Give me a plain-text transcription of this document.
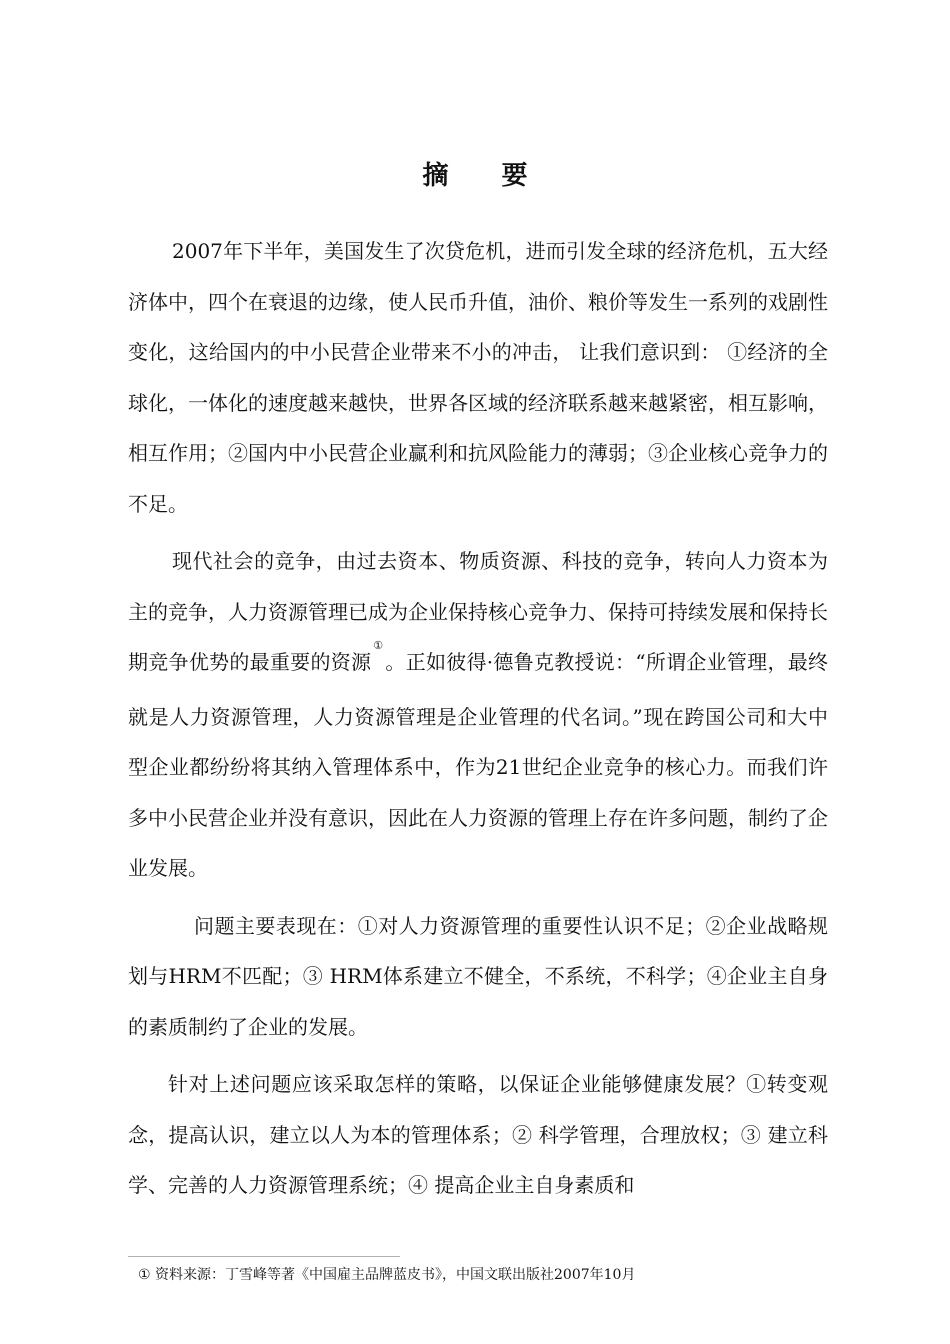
摘 要

2007年下半年，美国发生了次贷危机，进而引发全球的经济危机，五大经济体中，四个在衰退的边缘，使人民币升值，油价、粮价等发生一系列的戏剧性变化，这给国内的中小民营企业带来不小的冲击， 让我们意识到： ①经济的全球化，一体化的速度越来越快，世界各区域的经济联系越来越紧密，相互影响，相互作用；②国内中小民营企业赢利和抗风险能力的薄弱；③企业核心竞争力的不足。

现代社会的竞争，由过去资本、物质资源、科技的竞争，转向人力资本为主的竞争，人力资源管理已成为企业保持核心竞争力、保持可持续发展和保持长期竞争优势的最重要的资源①。正如彼得·德鲁克教授说：“所谓企业管理，最终就是人力资源管理，人力资源管理是企业管理的代名词。”现在跨国公司和大中型企业都纷纷将其纳入管理体系中，作为21世纪企业竞争的核心力。而我们许多中小民营企业并没有意识，因此在人力资源的管理上存在许多问题，制约了企业发展。

问题主要表现在：①对人力资源管理的重要性认识不足；②企业战略规划与HRM不匹配；③ HRM体系建立不健全，不系统，不科学；④企业主自身的素质制约了企业的发展。

针对上述问题应该采取怎样的策略，以保证企业能够健康发展？①转变观念，提高认识，建立以人为本的管理体系；② 科学管理，合理放权；③ 建立科学、完善的人力资源管理系统；④ 提高企业主自身素质和

① 资料来源：丁雪峰等著《中国雇主品牌蓝皮书》，中国文联出版社2007年10月
